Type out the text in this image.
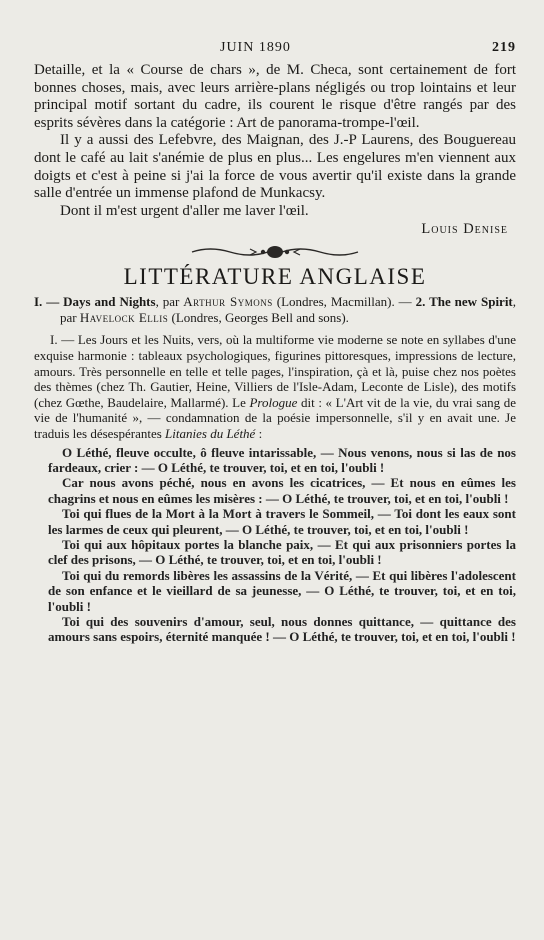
JUIN 1890	219

Detaille, et la « Course de chars », de M. Checa, sont certainement de fort bonnes choses, mais, avec leurs arrière-plans négligés ou trop lointains et leur principal motif sortant du cadre, ils courent le risque d'être rangés par des esprits sévères dans la catégorie : Art de panorama-trompe-l'œil.

Il y a aussi des Lefebvre, des Maignan, des J.-P Laurens, des Bouguereau dont le café au lait s'anémie de plus en plus... Les engelures m'en viennent aux doigts et c'est à peine si j'ai la force de vous avertir qu'il existe dans la grande salle d'entrée un immense plafond de Munkacsy.

Dont il m'est urgent d'aller me laver l'œil.

Louis Denise

LITTÉRATURE ANGLAISE

I. — Days and Nights, par Arthur Symons (Londres, Macmillan). — 2. The new Spirit, par Havelock Ellis (Londres, Georges Bell and sons).

I. — Les Jours et les Nuits, vers, où la multiforme vie moderne se note en syllabes d'une exquise harmonie : tableaux psychologiques, figurines pittoresques, impressions de lecture, amours. Très personnelle en telle et telle pages, l'inspiration, çà et là, puise chez nos poètes des thèmes (chez Th. Gautier, Heine, Villiers de l'Isle-Adam, Leconte de Lisle), des motifs (chez Gœthe, Baudelaire, Mallarmé). Le Prologue dit : « L'Art vit de la vie, du vrai sang de vie de l'humanité », — condamnation de la poésie impersonnelle, s'il y en avait une. Je traduis les désespérantes Litanies du Léthé :

O Léthé, fleuve occulte, ô fleuve intarissable, — Nous venons, nous si las de nos fardeaux, crier : — O Léthé, te trouver, toi, et en toi, l'oubli !

Car nous avons péché, nous en avons les cicatrices, — Et nous en eûmes les chagrins et nous en eûmes les misères : — O Léthé, te trouver, toi, et en toi, l'oubli !

Toi qui flues de la Mort à la Mort à travers le Sommeil, — Toi dont les eaux sont les larmes de ceux qui pleurent, — O Léthé, te trouver, toi, et en toi, l'oubli !

Toi qui aux hôpitaux portes la blanche paix, — Et qui aux prisonniers portes la clef des prisons, — O Léthé, te trouver, toi, et en toi, l'oubli !

Toi qui du remords libères les assassins de la Vérité, — Et qui libères l'adolescent de son enfance et le vieillard de sa jeunesse, — O Léthé, te trouver, toi, et en toi, l'oubli !

Toi qui des souvenirs d'amour, seul, nous donnes quittance, — quittance des amours sans espoirs, éternité manquée ! — O Léthé, te trouver, toi, et en toi, l'oubli !
